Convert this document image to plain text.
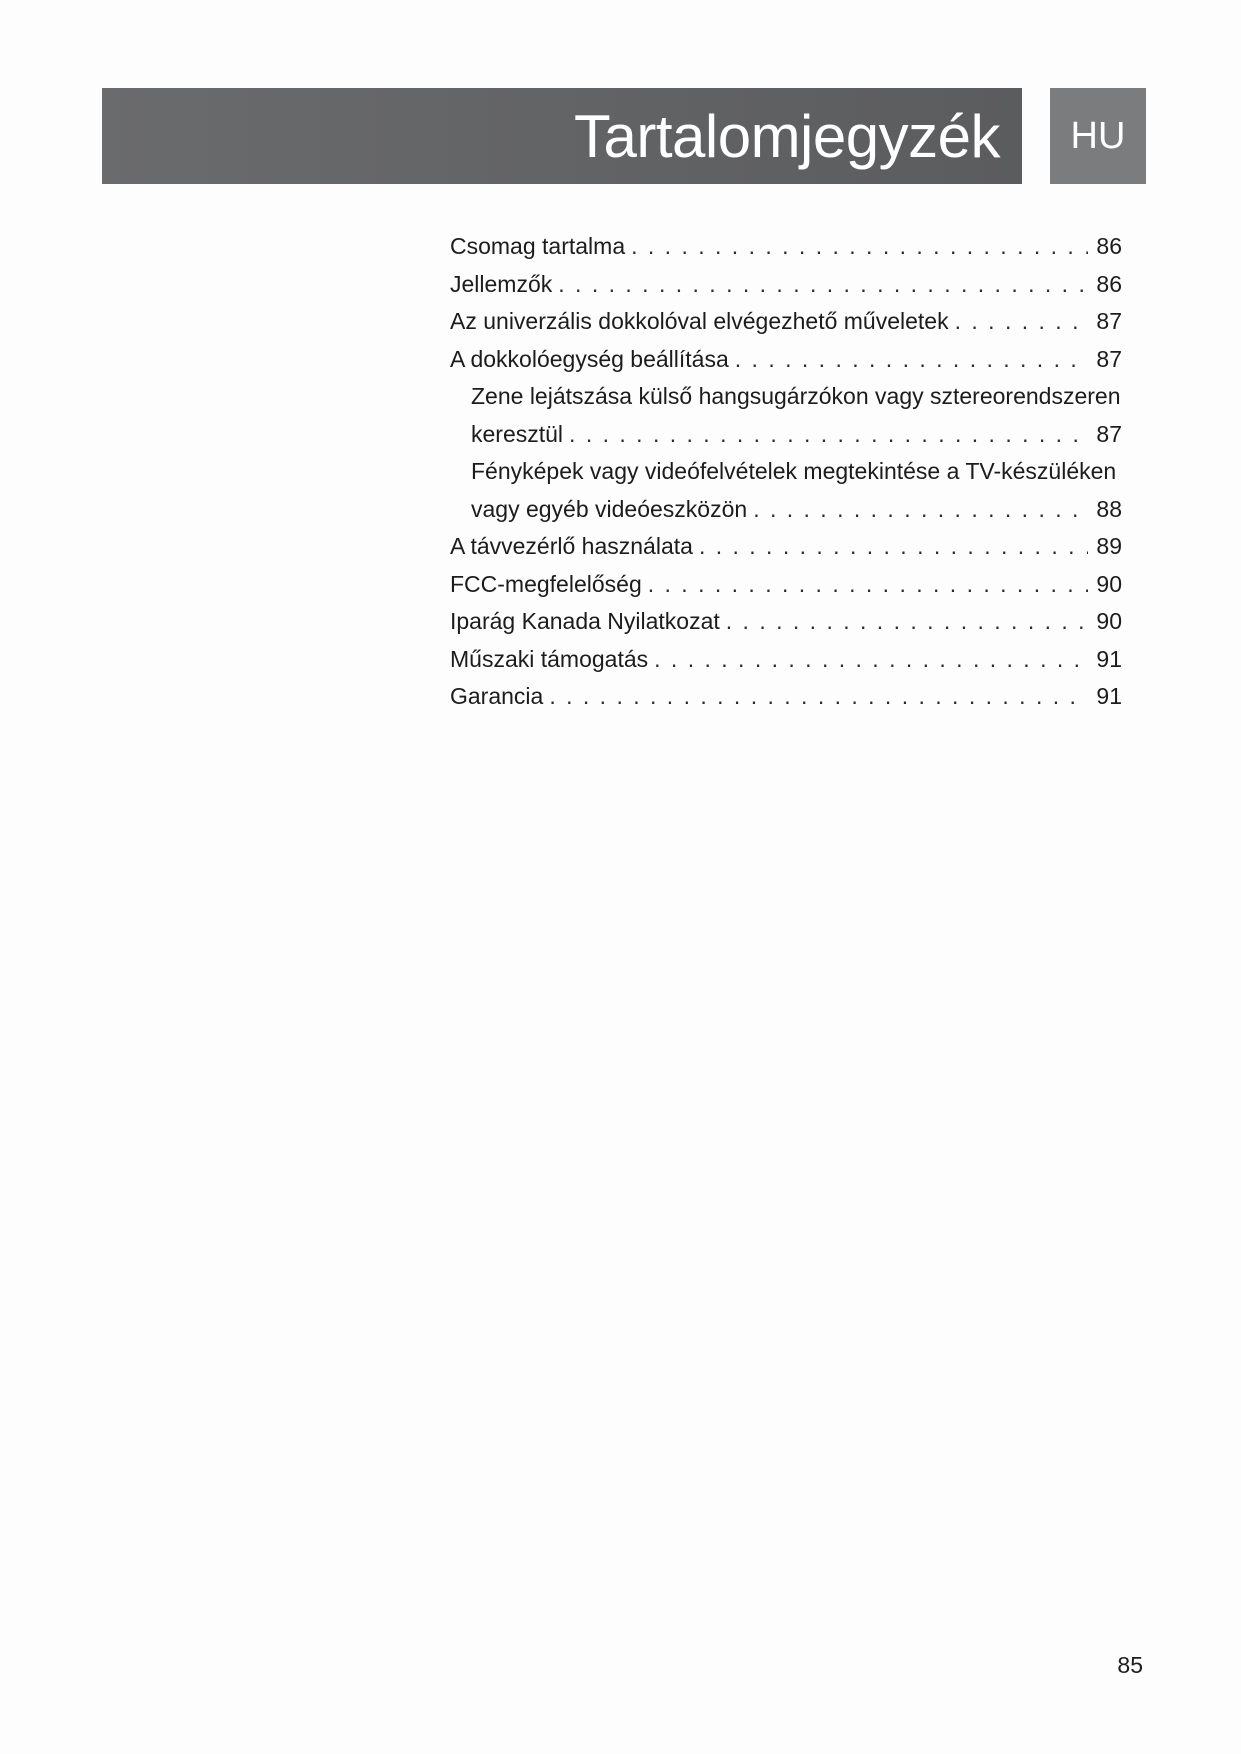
Tartalomjegyzék HU
Csomag tartalma . . .	86
Jellemzők . . .	86
Az univerzális dokkolóval elvégezhető műveletek . . .	87
A dokkolóegység beállítása . . .	87
Zene lejátszása külső hangsugárzókon vagy sztereorendszeren
keresztül . . .	87
Fényképek vagy videófelvételek megtekintése a TV-készüléken
vagy egyéb videóeszközön . . .	88
A távvezérlő használata . . .	89
FCC-megfelelőség . . .	90
Iparág Kanada Nyilatkozat . . .	90
Műszaki támogatás . . .	91
Garancia . . .	91
85
